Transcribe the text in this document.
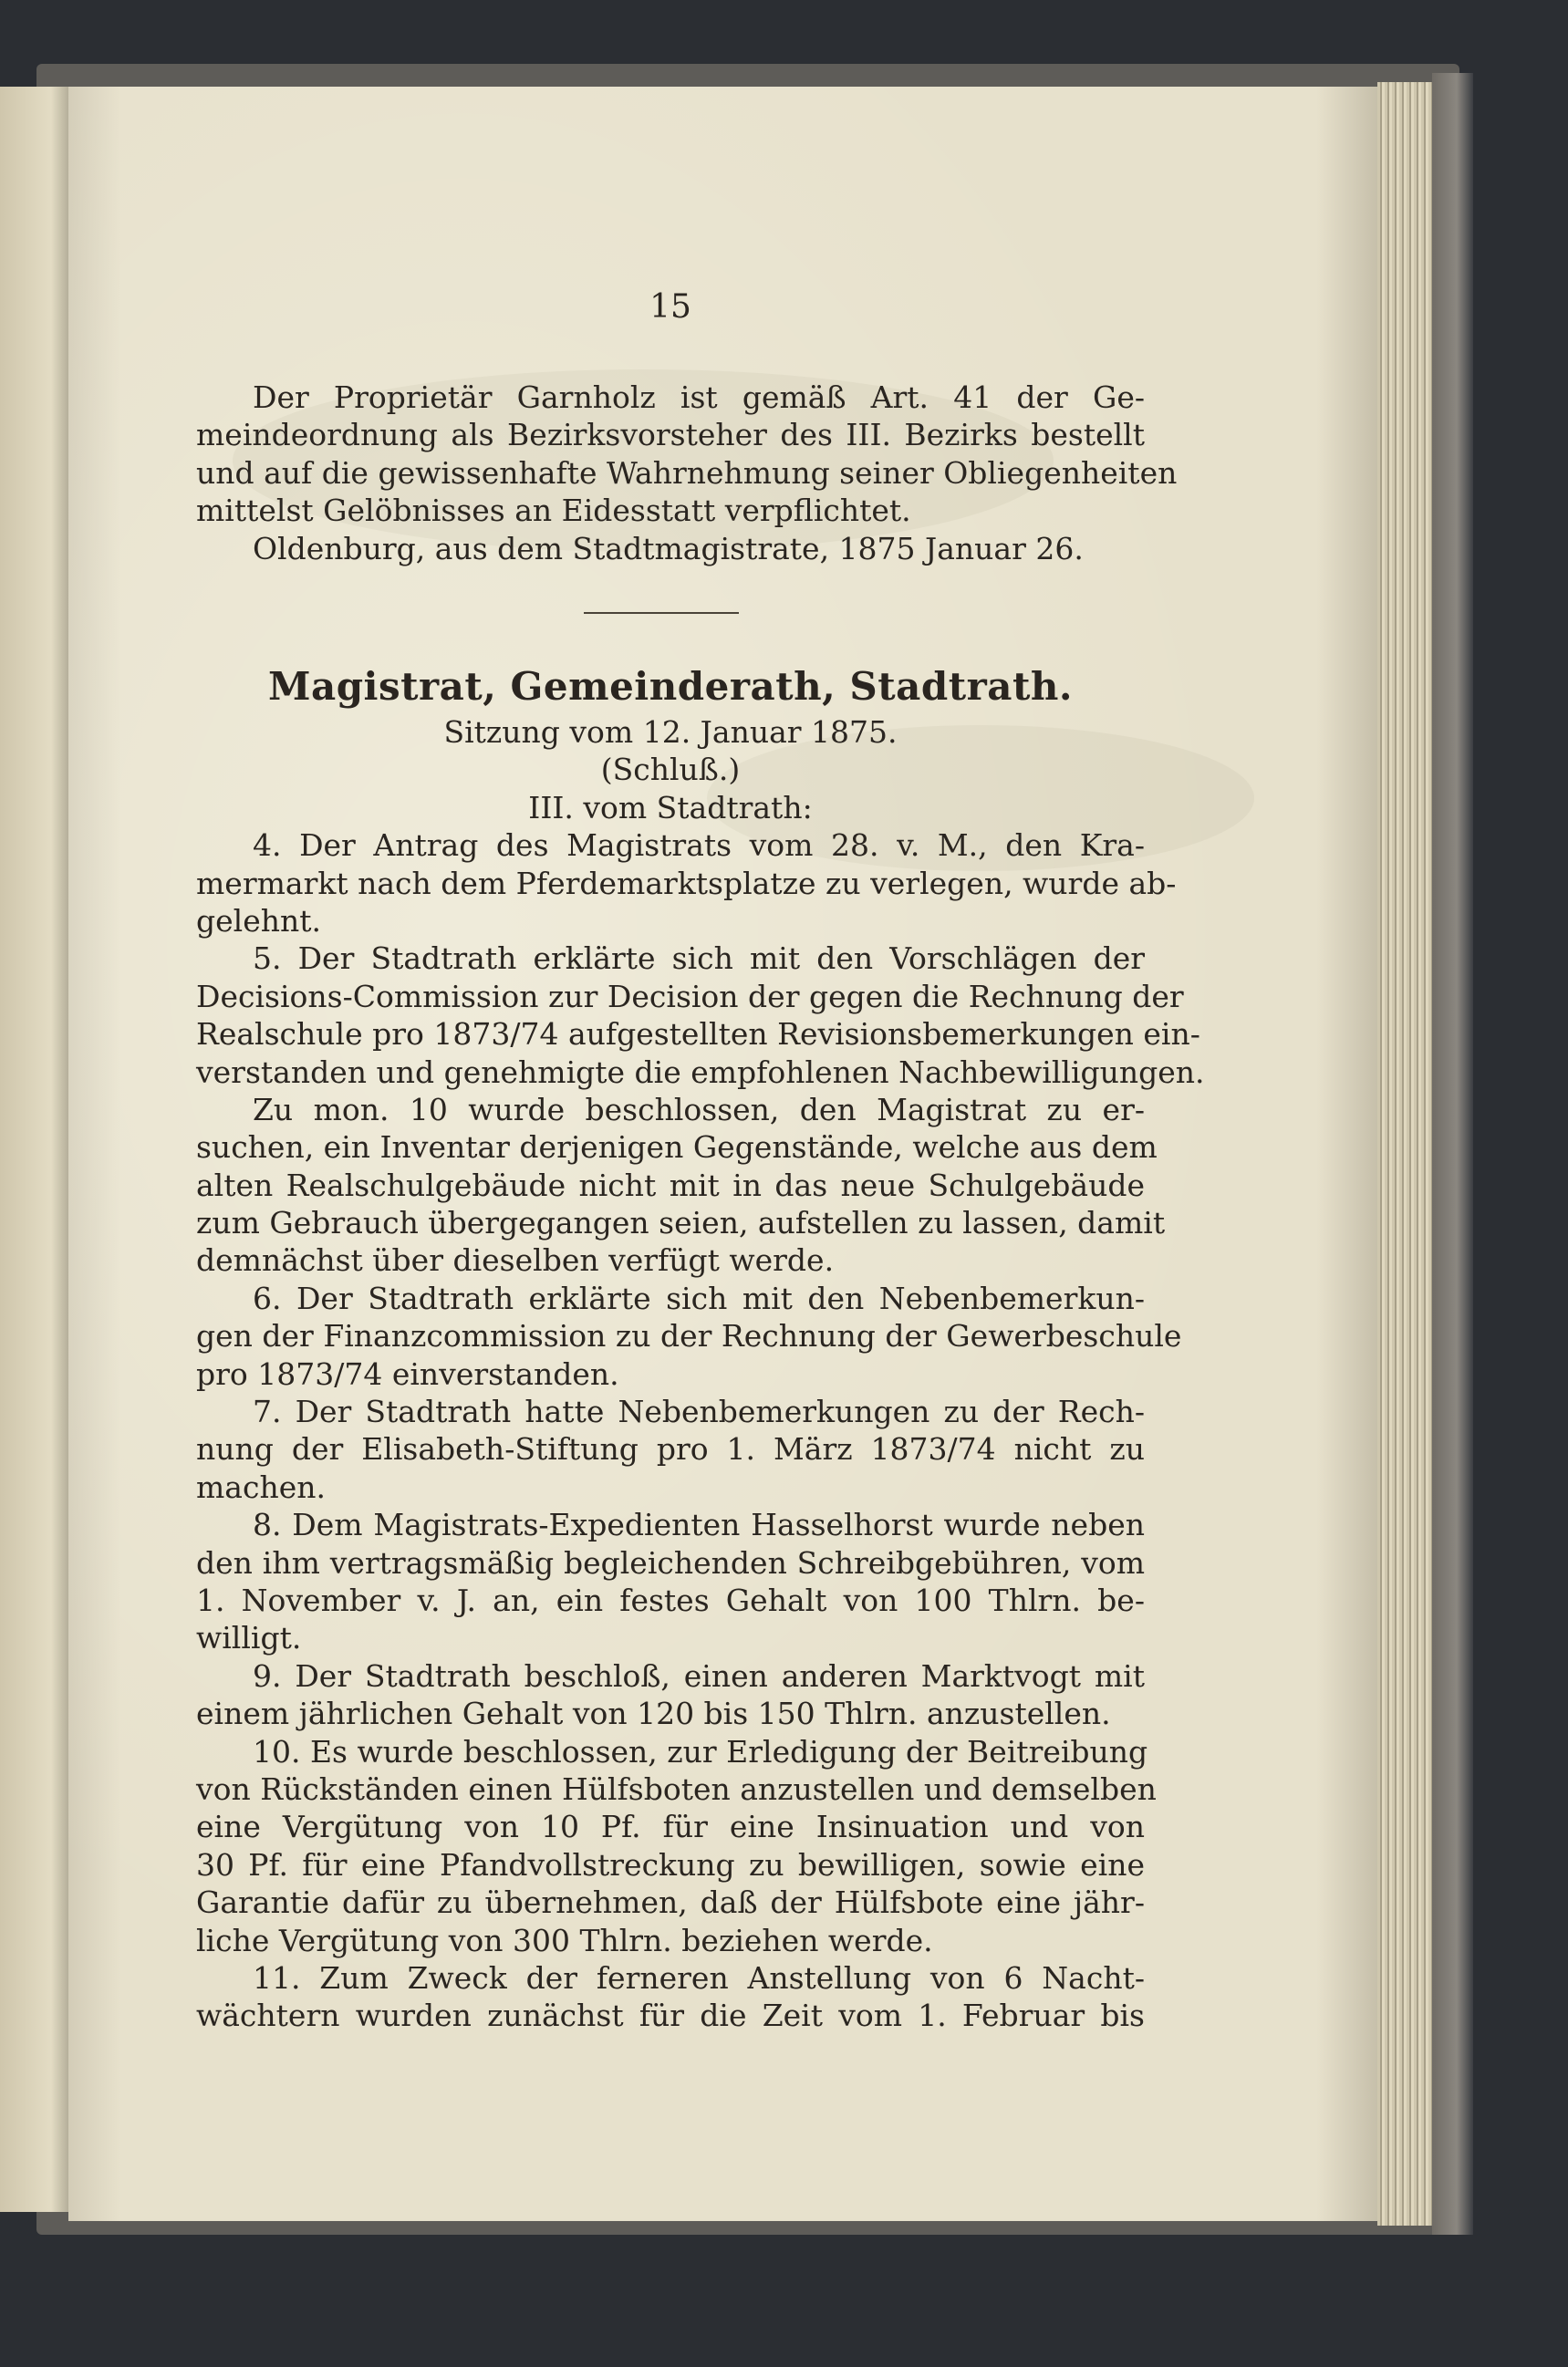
15
Der Proprietär Garnholz ist gemäß Art. 41 der Ge-
meindeordnung als Bezirksvorsteher des III. Bezirks bestellt
und auf die gewissenhafte Wahrnehmung seiner Obliegenheiten
mittelst Gelöbnisses an Eidesstatt verpflichtet.
Oldenburg, aus dem Stadtmagistrate, 1875 Januar 26.
Magistrat, Gemeinderath, Stadtrath.
Sitzung vom 12. Januar 1875.
(Schluß.)
III. vom Stadtrath:
4. Der Antrag des Magistrats vom 28. v. M., den Kra-
mermarkt nach dem Pferdemarktsplatze zu verlegen, wurde ab-
gelehnt.
5. Der Stadtrath erklärte sich mit den Vorschlägen der
Decisions-Commission zur Decision der gegen die Rechnung der
Realschule pro 1873/74 aufgestellten Revisionsbemerkungen ein-
verstanden und genehmigte die empfohlenen Nachbewilligungen.
Zu mon. 10 wurde beschlossen, den Magistrat zu er-
suchen, ein Inventar derjenigen Gegenstände, welche aus dem
alten Realschulgebäude nicht mit in das neue Schulgebäude
zum Gebrauch übergegangen seien, aufstellen zu lassen, damit
demnächst über dieselben verfügt werde.
6. Der Stadtrath erklärte sich mit den Nebenbemerkun-
gen der Finanzcommission zu der Rechnung der Gewerbeschule
pro 1873/74 einverstanden.
7. Der Stadtrath hatte Nebenbemerkungen zu der Rech-
nung der Elisabeth-Stiftung pro 1. März 1873/74 nicht zu
machen.
8. Dem Magistrats-Expedienten Hasselhorst wurde neben
den ihm vertragsmäßig begleichenden Schreibgebühren, vom
1. November v. J. an, ein festes Gehalt von 100 Thlrn. be-
willigt.
9. Der Stadtrath beschloß, einen anderen Marktvogt mit
einem jährlichen Gehalt von 120 bis 150 Thlrn. anzustellen.
10. Es wurde beschlossen, zur Erledigung der Beitreibung
von Rückständen einen Hülfsboten anzustellen und demselben
eine Vergütung von 10 Pf. für eine Insinuation und von
30 Pf. für eine Pfandvollstreckung zu bewilligen, sowie eine
Garantie dafür zu übernehmen, daß der Hülfsbote eine jähr-
liche Vergütung von 300 Thlrn. beziehen werde.
11. Zum Zweck der ferneren Anstellung von 6 Nacht-
wächtern wurden zunächst für die Zeit vom 1. Februar bis
